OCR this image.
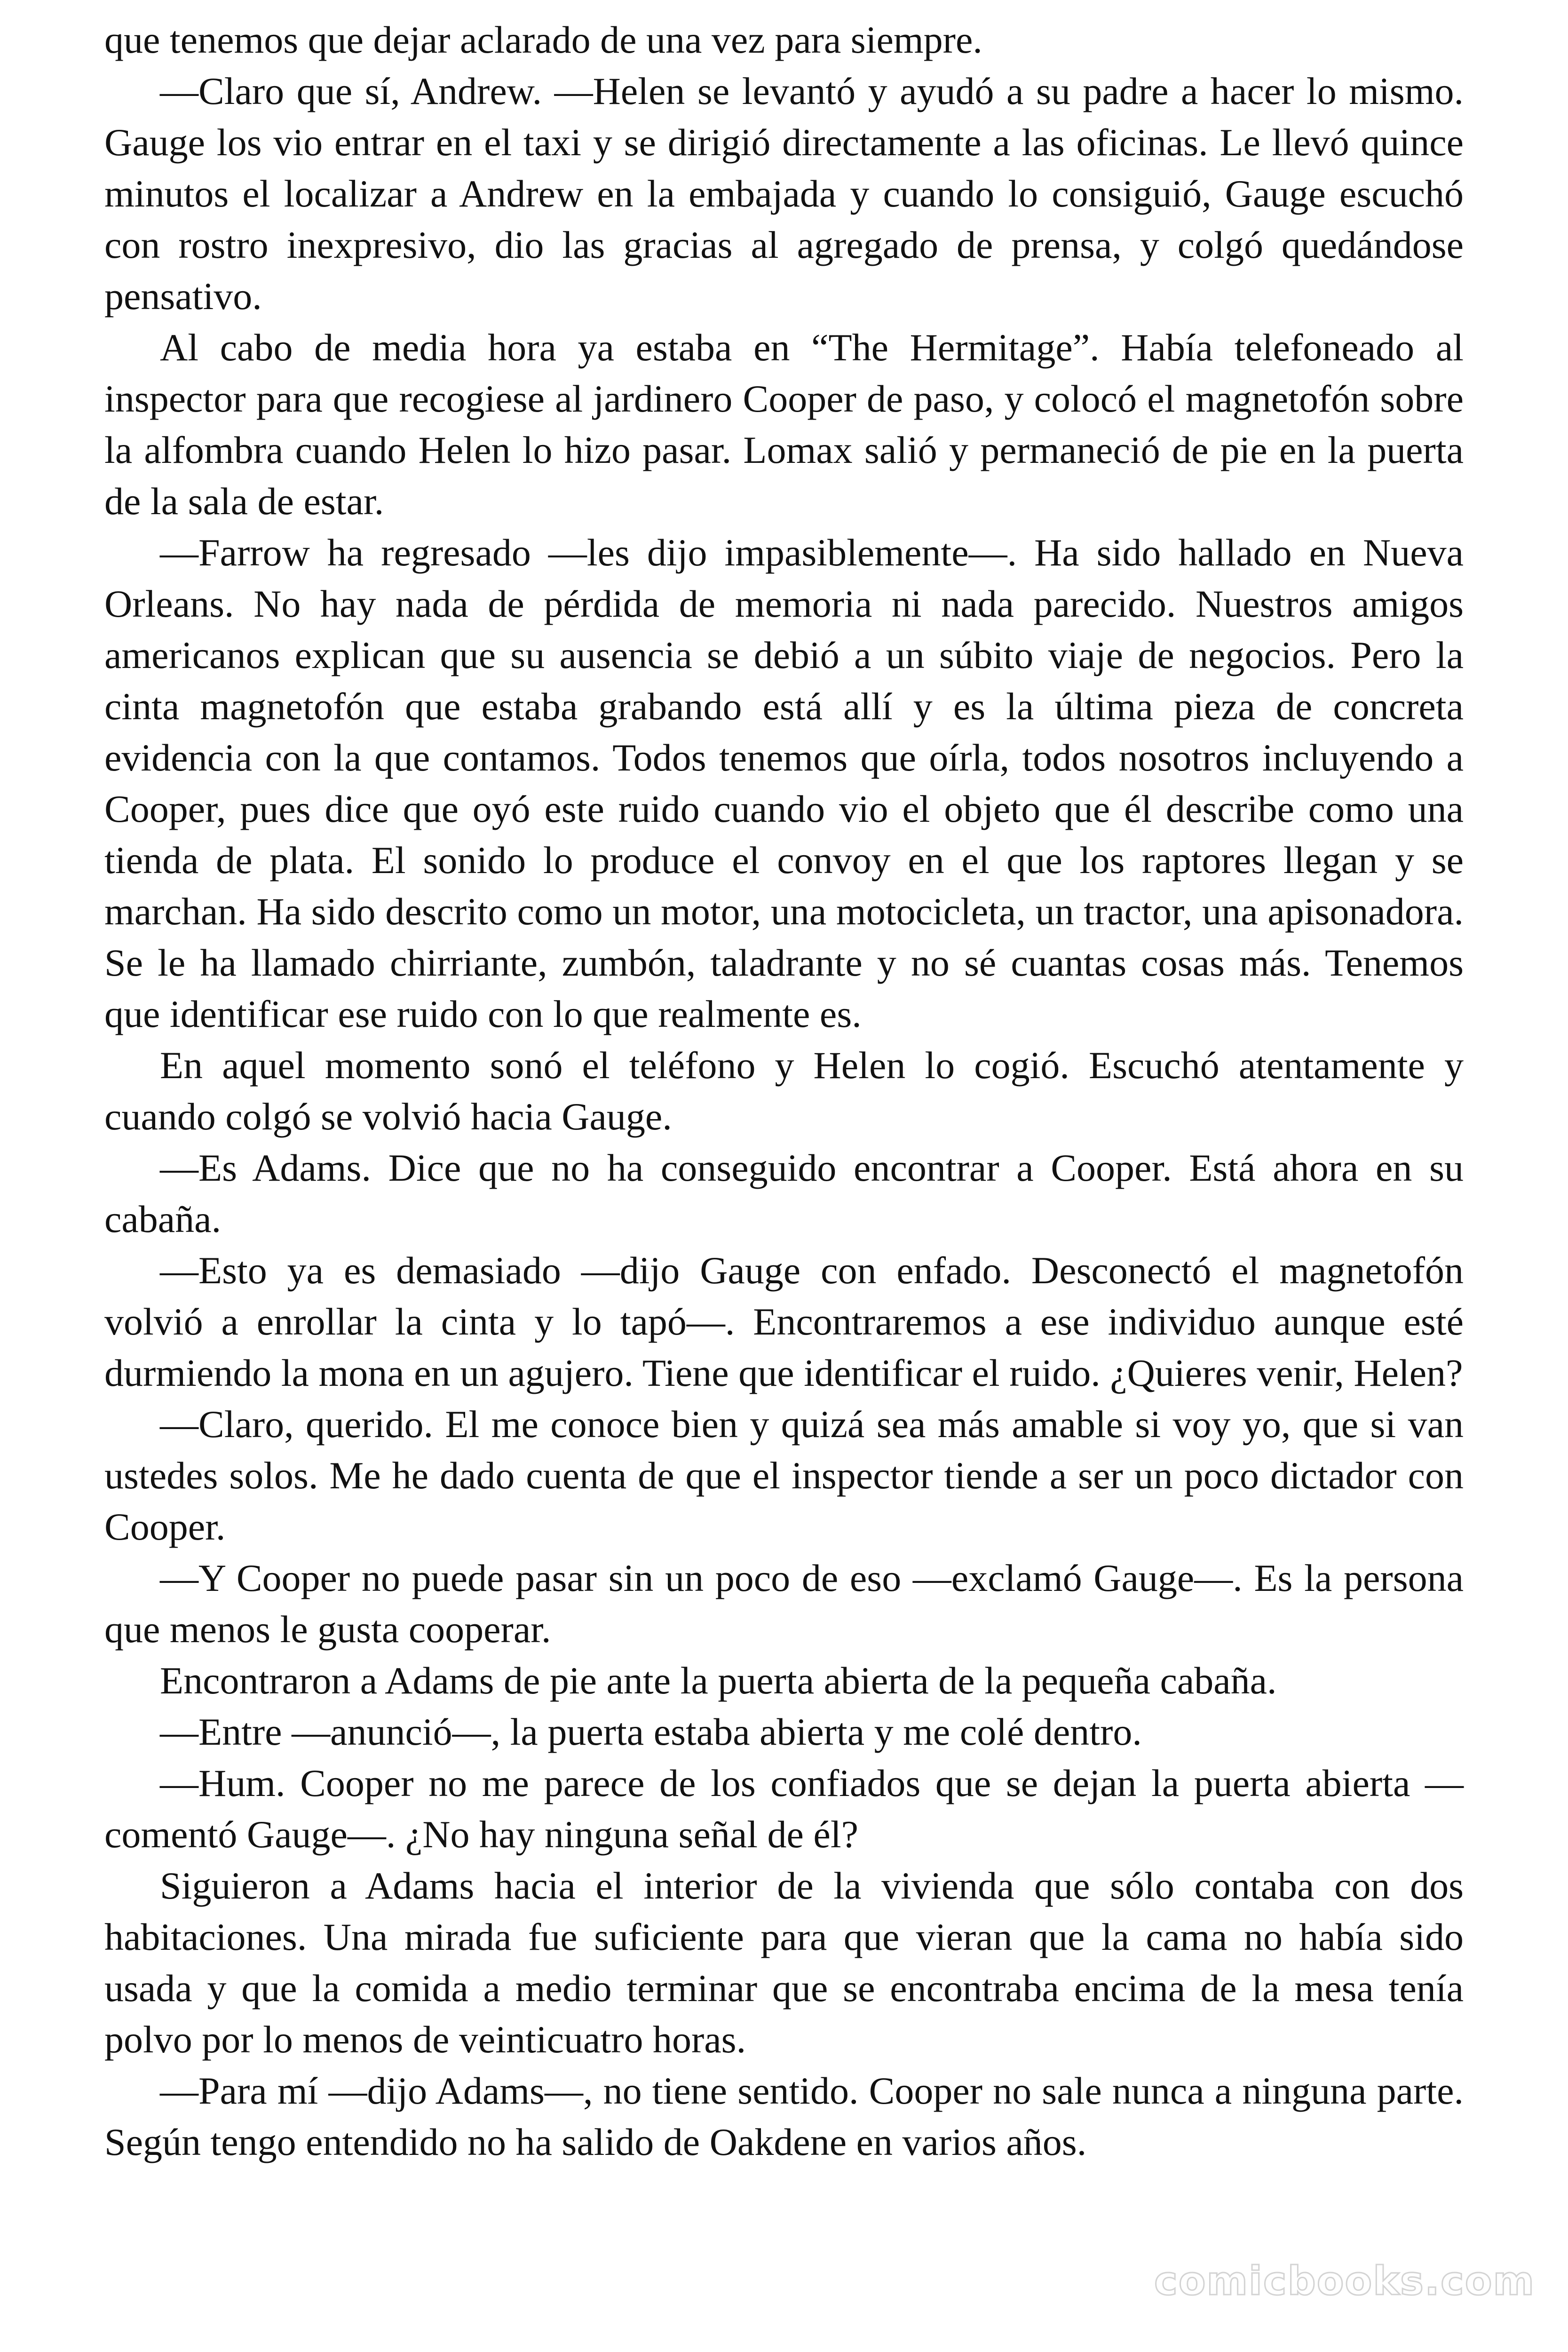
que tenemos que dejar aclarado de una vez para siempre.

—Claro que sí, Andrew. —Helen se levantó y ayudó a su padre a hacer lo mismo. Gauge los vio entrar en el taxi y se dirigió directamente a las oficinas. Le llevó quince minutos el localizar a Andrew en la embajada y cuando lo consiguió, Gauge escuchó con rostro inexpresivo, dio las gracias al agregado de prensa, y colgó quedándose pensativo.

Al cabo de media hora ya estaba en “The Hermitage”. Había telefoneado al inspector para que recogiese al jardinero Cooper de paso, y colocó el magnetofón sobre la alfombra cuando Helen lo hizo pasar. Lomax salió y permaneció de pie en la puerta de la sala de estar.

—Farrow ha regresado —les dijo impasiblemente—. Ha sido hallado en Nueva Orleans. No hay nada de pérdida de memoria ni nada parecido. Nuestros amigos americanos explican que su ausencia se debió a un súbito viaje de negocios. Pero la cinta magnetofón que estaba grabando está allí y es la última pieza de concreta evidencia con la que contamos. Todos tenemos que oírla, todos nosotros incluyendo a Cooper, pues dice que oyó este ruido cuando vio el objeto que él describe como una tienda de plata. El sonido lo produce el convoy en el que los raptores llegan y se marchan. Ha sido descrito como un motor, una motocicleta, un tractor, una apisonadora. Se le ha llamado chirriante, zumbón, taladrante y no sé cuantas cosas más. Tenemos que identificar ese ruido con lo que realmente es.

En aquel momento sonó el teléfono y Helen lo cogió. Escuchó atentamente y cuando colgó se volvió hacia Gauge.

—Es Adams. Dice que no ha conseguido encontrar a Cooper. Está ahora en su cabaña.

—Esto ya es demasiado —dijo Gauge con enfado. Desconectó el magnetofón volvió a enrollar la cinta y lo tapó—. Encontraremos a ese individuo aunque esté durmiendo la mona en un agujero. Tiene que identificar el ruido. ¿Quieres venir, Helen?

—Claro, querido. El me conoce bien y quizá sea más amable si voy yo, que si van ustedes solos. Me he dado cuenta de que el inspector tiende a ser un poco dictador con Cooper.

—Y Cooper no puede pasar sin un poco de eso —exclamó Gauge—. Es la persona que menos le gusta cooperar.

Encontraron a Adams de pie ante la puerta abierta de la pequeña cabaña.

—Entre —anunció—, la puerta estaba abierta y me colé dentro.

—Hum. Cooper no me parece de los confiados que se dejan la puerta abierta —comentó Gauge—. ¿No hay ninguna señal de él?

Siguieron a Adams hacia el interior de la vivienda que sólo contaba con dos habitaciones. Una mirada fue suficiente para que vieran que la cama no había sido usada y que la comida a medio terminar que se encontraba encima de la mesa tenía polvo por lo menos de veinticuatro horas.

—Para mí —dijo Adams—, no tiene sentido. Cooper no sale nunca a ninguna parte. Según tengo entendido no ha salido de Oakdene en varios años.

comicbooks.com
